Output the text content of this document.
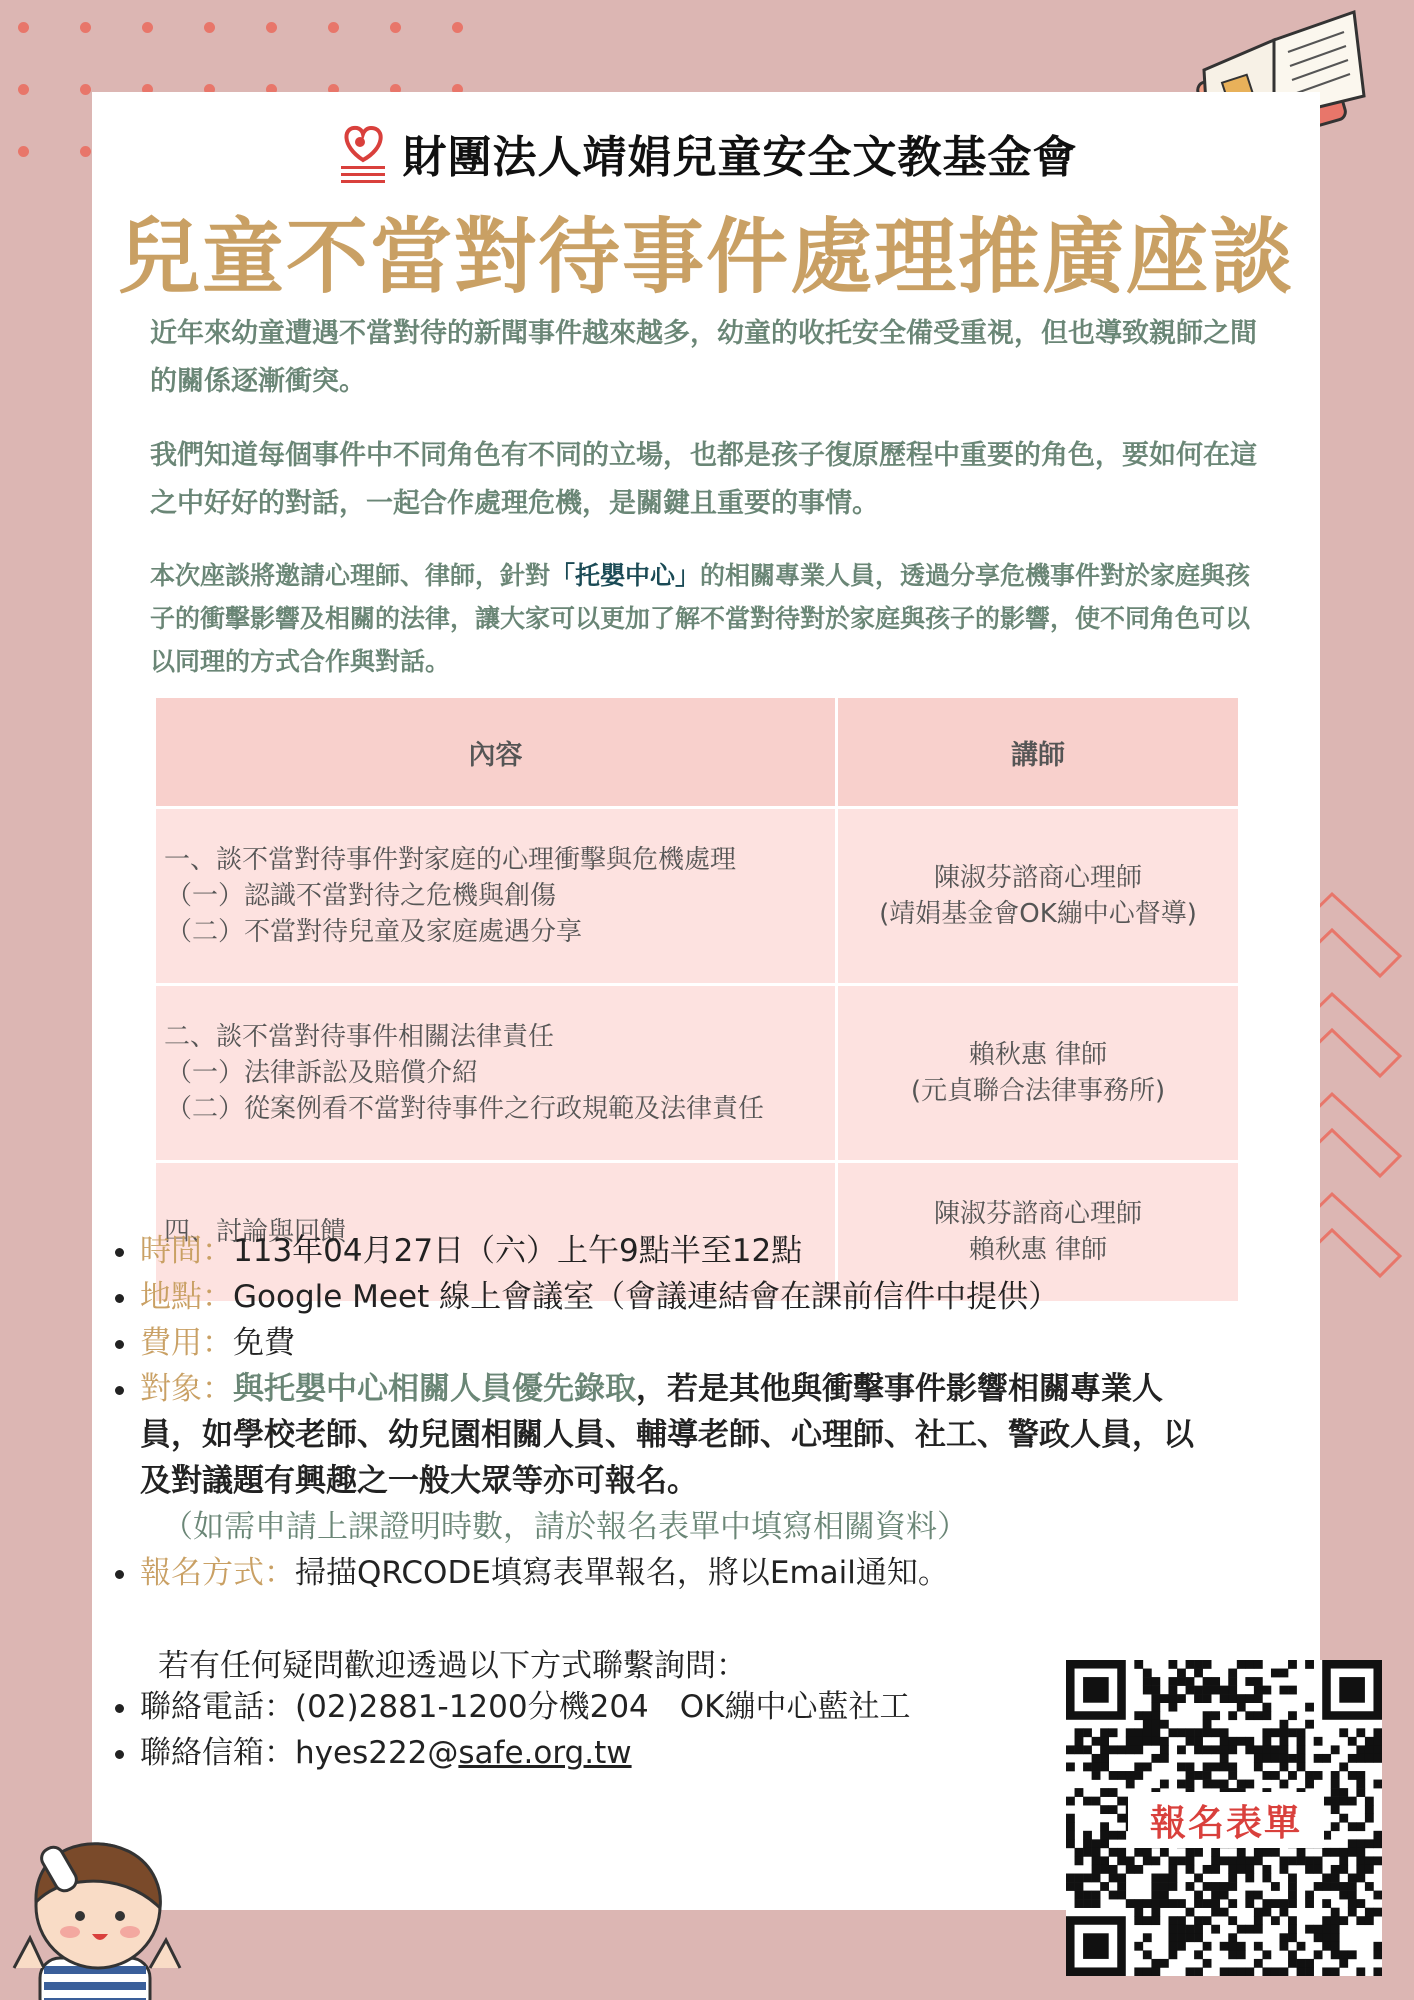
財團法人靖娟兒童安全文教基金會
兒童不當對待事件處理推廣座談

近年來幼童遭遇不當對待的新聞事件越來越多，幼童的收托安全備受重視，但也導致親師之間的關係逐漸衝突。

我們知道每個事件中不同角色有不同的立場，也都是孩子復原歷程中重要的角色，要如何在這之中好好的對話，一起合作處理危機，是關鍵且重要的事情。

本次座談將邀請心理師、律師，針對「托嬰中心」的相關專業人員，透過分享危機事件對於家庭與孩子的衝擊影響及相關的法律，讓大家可以更加了解不當對待對於家庭與孩子的影響，使不同角色可以以同理的方式合作與對話。

內容	講師
一、談不當對待事件對家庭的心理衝擊與危機處理
（一）認識不當對待之危機與創傷
（二）不當對待兒童及家庭處遇分享
陳淑芬諮商心理師
(靖娟基金會OK繃中心督導)
二、談不當對待事件相關法律責任
（一）法律訴訟及賠償介紹
（二）從案例看不當對待事件之行政規範及法律責任
賴秋惠 律師
(元貞聯合法律事務所)
四、討論與回饋
陳淑芬諮商心理師
賴秋惠 律師
• 時間：113年04月27日（六）上午9點半至12點
• 地點：Google Meet 線上會議室（會議連結會在課前信件中提供）
• 費用：免費
• 對象：與托嬰中心相關人員優先錄取，若是其他與衝擊事件影響相關專業人員，如學校老師、幼兒園相關人員、輔導老師、心理師、社工、警政人員，以及對議題有興趣之一般大眾等亦可報名。
（如需申請上課證明時數，請於報名表單中填寫相關資料）
• 報名方式：掃描QRCODE填寫表單報名，將以Email通知。
若有任何疑問歡迎透過以下方式聯繫詢問：
• 聯絡電話：(02)2881-1200分機204　OK繃中心藍社工
• 聯絡信箱：hyes222@safe.org.tw
報名表單
